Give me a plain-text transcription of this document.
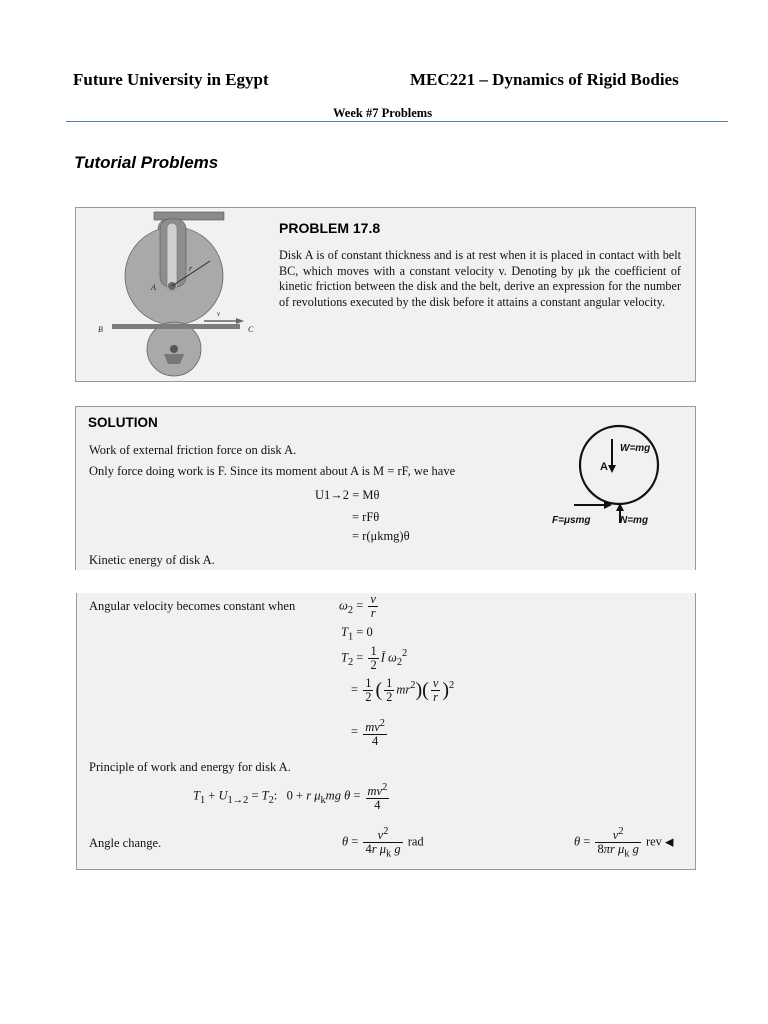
Future University in Egypt	MEC221 – Dynamics of Rigid Bodies
Week #7 Problems
Tutorial Problems
A
r
B	C
v
PROBLEM 17.8
Disk A is of constant thickness and is at rest when it is placed in contact with belt BC, which moves with a constant velocity v. Denoting by μk the coefficient of kinetic friction between the disk and the belt, derive an expression for the number of revolutions executed by the disk before it attains a constant angular velocity.
SOLUTION
Work of external friction force on disk A.
Only force doing work is F. Since its moment about A is M = rF, we have
U1→2 = Mθ
= rFθ
= r(μkmg)θ
Kinetic energy of disk A.
W=mg
A
F=μsmg	N=mg
Angular velocity becomes constant when	$\omega_2 = \frac{v}{r}$
$T_1 = 0$
$T_2 = \frac{1}{2}$ Ī $\omega_2^2$
= $\frac{1}{2}$ ( $\frac{1}{2} mr^2)( \frac{v}{r} )^2$
= $\frac{mv^2}{4}$
Principle of work and energy for disk A.
$T_1 + U_{1\to 2} = T_2$:   0 + r $\mu_kmg$ $\theta = \frac{mv^2}{4}$
Angle change.	$\theta = \frac{v^2}{4r \mu_k g}$ rad	$\theta = \frac{v^2}{8\pi r \mu_k g}$ rev ◀
